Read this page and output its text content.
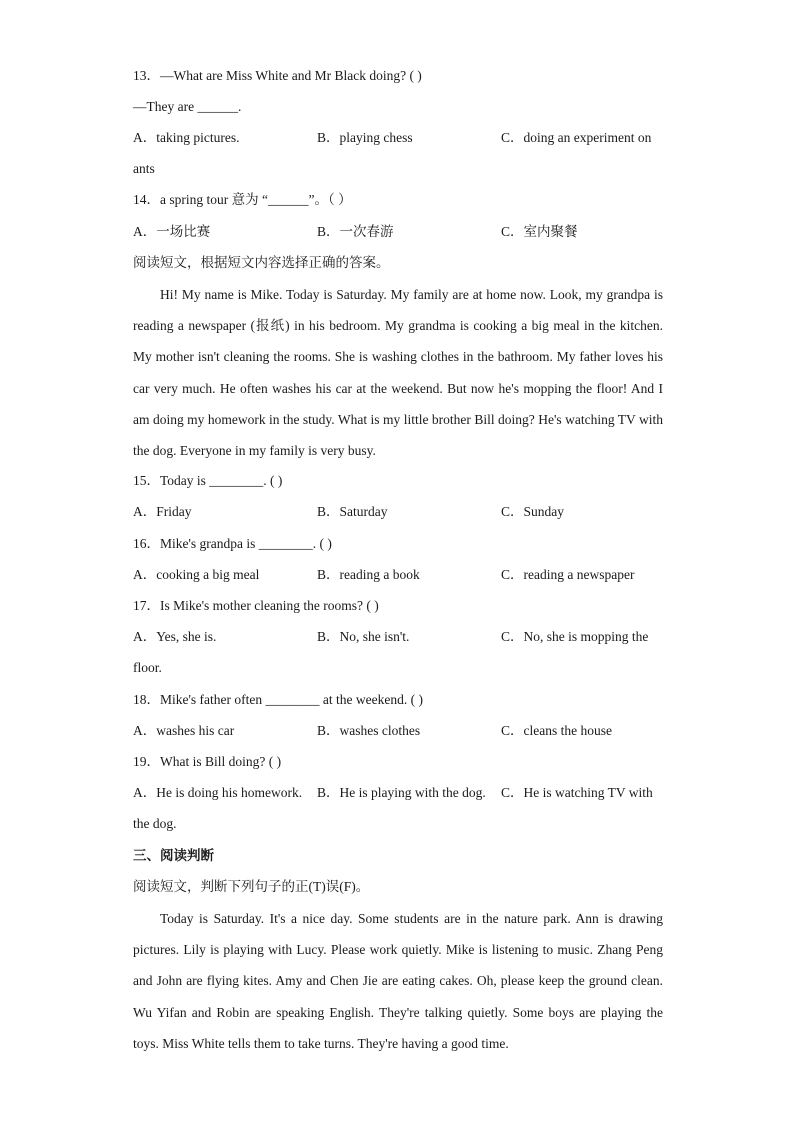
13．—What are Miss White and Mr Black doing? ( )
—They are ______.
A．taking pictures.	B．playing chess	C．doing an experiment on
ants
14．a spring tour 意为 “______”。（ ）
A．一场比赛	B．一次春游	C．室内聚餐
阅读短文，根据短文内容选择正确的答案。
Hi! My name is Mike. Today is Saturday. My family are at home now. Look, my grandpa is reading a newspaper (报纸) in his bedroom. My grandma is cooking a big meal in the kitchen. My mother isn't cleaning the rooms. She is washing clothes in the bathroom. My father loves his car very much. He often washes his car at the weekend. But now he's mopping the floor! And I am doing my homework in the study. What is my little brother Bill doing? He's watching TV with the dog. Everyone in my family is very busy.
15．Today is ________. ( )
A．Friday	B．Saturday	C．Sunday
16．Mike's grandpa is ________. ( )
A．cooking a big meal	B．reading a book	C．reading a newspaper
17．Is Mike's mother cleaning the rooms? ( )
A．Yes, she is.	B．No, she isn't.	C．No, she is mopping the
floor.
18．Mike's father often ________ at the weekend. ( )
A．washes his car	B．washes clothes	C．cleans the house
19．What is Bill doing? ( )
A．He is doing his homework. B．He is playing with the dog. C．He is watching TV with
the dog.
三、阅读判断
阅读短文，判断下列句子的正(T)误(F)。
Today is Saturday. It's a nice day. Some students are in the nature park. Ann is drawing pictures. Lily is playing with Lucy. Please work quietly. Mike is listening to music. Zhang Peng and John are flying kites. Amy and Chen Jie are eating cakes. Oh, please keep the ground clean. Wu Yifan and Robin are speaking English. They're talking quietly. Some boys are playing the toys. Miss White tells them to take turns. They're having a good time.
